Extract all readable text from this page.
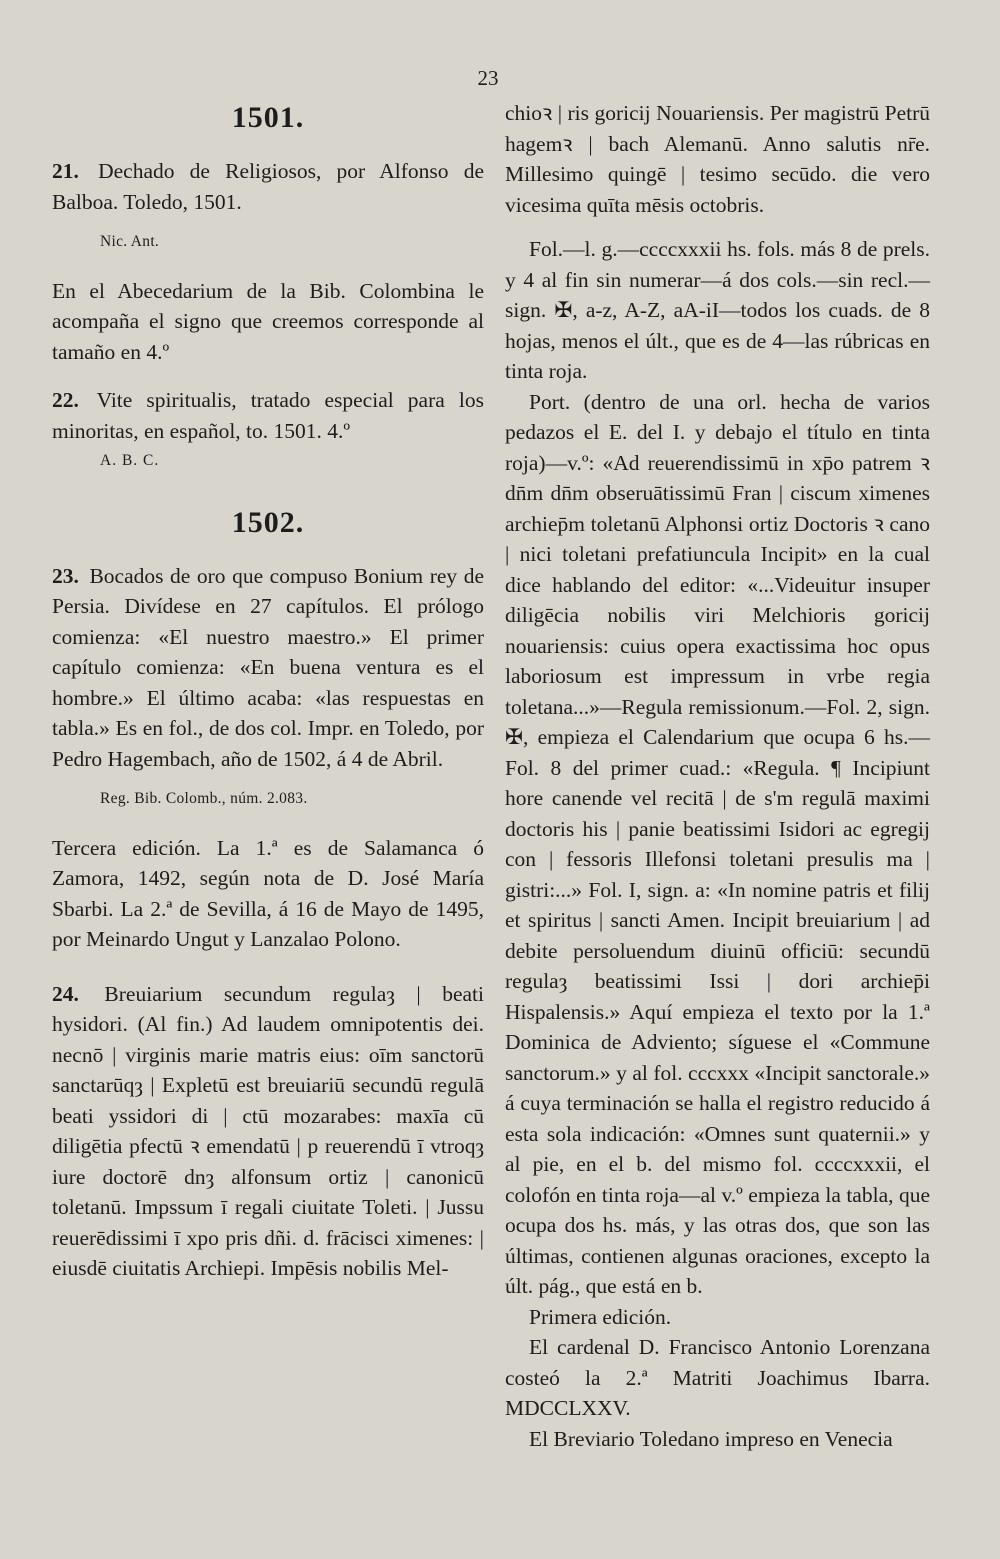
23
1501.

21. Dechado de Religiosos, por Alfonso de Balboa. Toledo, 1501.

Nic. Ant.

En el Abecedarium de la Bib. Colombina le acompaña el signo que creemos corresponde al tamaño en 4.º

22. Vite spiritualis, tratado especial para los minoritas, en español, to. 1501. 4.º

A. B. C.

1502.

23. Bocados de oro que compuso Bonium rey de Persia. Divídese en 27 capítulos. El prólogo comienza: «El nuestro maestro.» El primer capítulo comienza: «En buena ventura es el hombre.» El último acaba: «las respuestas en tabla.» Es en fol., de dos col. Impr. en Toledo, por Pedro Hagembach, año de 1502, á 4 de Abril.

Reg. Bib. Colomb., núm. 2.083.

Tercera edición. La 1.ª es de Salamanca ó Zamora, 1492, según nota de D. José María Sbarbi. La 2.ª de Sevilla, á 16 de Mayo de 1495, por Meinardo Ungut y Lanzalao Polono.

24. Breuiarium secundum regulaȝ | beati hysidori. (Al fin.) Ad laudem omnipotentis dei. necnō | virginis marie matris eius: oīm sanctorū sanctarūqȝ | Expletū est breuiariū secundū regulā beati yssidori di | ctū mozarabes: maxīa cū diligētia pfectū ꝛ emendatū | p reuerendū ī vtroqȝ iure doctorē dnȝ alfonsum ortiz | canonicū toletanū. Impssum ī regali ciuitate Toleti. | Jussu reuerēdissimi ī xpo pris dñi. d. frācisci ximenes: | eiusdē ciuitatis Archiepi. Impēsis nobilis Mel-

chioꝛ | ris goricij Nouariensis. Per magistrū Petrū hagemꝛ | bach Alemanū. Anno salutis nr̄e. Millesimo quingē | tesimo secūdo. die vero vicesima quīta mēsis octobris.

Fol.—l. g.—ccccxxxii hs. fols. más 8 de prels. y 4 al fin sin numerar—á dos cols.—sin recl.—sign. ✠, a-z, A-Z, aA-iI—todos los cuads. de 8 hojas, menos el últ., que es de 4—las rúbricas en tinta roja.

Port. (dentro de una orl. hecha de varios pedazos el E. del I. y debajo el título en tinta roja)—v.º: «Ad reuerendissimū in xp̄o patrem ꝛ dn̄m dn̄m obseruātissimū Fran | ciscum ximenes archiep̄m toletanū Alphonsi ortiz Doctoris ꝛ cano | nici toletani prefatiuncula Incipit» en la cual dice hablando del editor: «...Videuitur insuper diligēcia nobilis viri Melchioris goricij nouariensis: cuius opera exactissima hoc opus laboriosum est impressum in vrbe regia toletana...»—Regula remissionum.—Fol. 2, sign. ✠, empieza el Calendarium que ocupa 6 hs.—Fol. 8 del primer cuad.: «Regula. ¶ Incipiunt hore canende vel recitā | de s'm regulā maximi doctoris his | panie beatissimi Isidori ac egregij con | fessoris Illefonsi toletani presulis ma | gistri:...» Fol. I, sign. a: «In nomine patris et filij et spiritus | sancti Amen. Incipit breuiarium | ad debite persoluendum diuinū officiū: secundū regulaȝ beatissimi Issi | dori archiep̄i Hispalensis.» Aquí empieza el texto por la 1.ª Dominica de Adviento; síguese el «Commune sanctorum.» y al fol. cccxxx «Incipit sanctorale.» á cuya terminación se halla el registro reducido á esta sola indicación: «Omnes sunt quaternii.» y al pie, en el b. del mismo fol. ccccxxxii, el colofón en tinta roja—al v.º empieza la tabla, que ocupa dos hs. más, y las otras dos, que son las últimas, contienen algunas oraciones, excepto la últ. pág., que está en b.

Primera edición.

El cardenal D. Francisco Antonio Lorenzana costeó la 2.ª Matriti Joachimus Ibarra. MDCCLXXV.

El Breviario Toledano impreso en Venecia
